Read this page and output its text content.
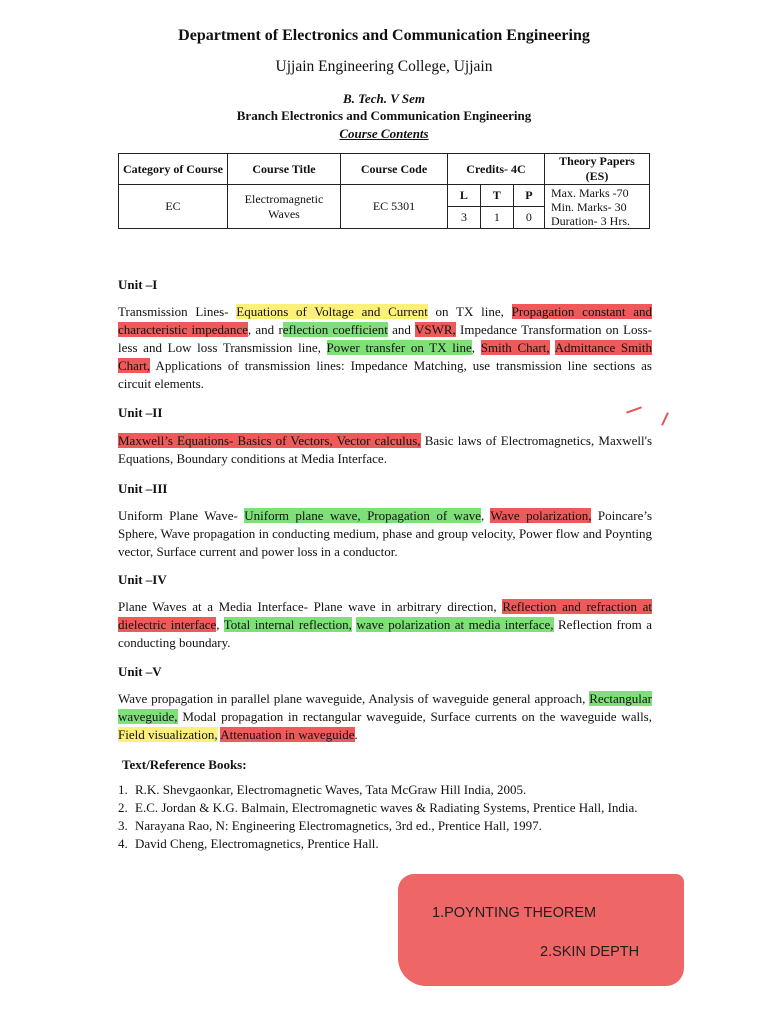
Department of Electronics and Communication Engineering
Ujjain Engineering College, Ujjain
B. Tech. V Sem
Branch Electronics and Communication Engineering
Course Contents
Category of Course	Course Title	Course Code	Credits- 4C			Theory Papers (ES)
EC	Electromagnetic Waves	EC 5301	L	T	P	Max. Marks -70
Min. Marks- 30
Duration- 3 Hrs.

			3	1	0	
Unit –I
Transmission Lines- Equations of Voltage and Current on TX line, Propagation constant and characteristic impedance, and reflection coefficient and VSWR, Impedance Transformation on Loss-less and Low loss Transmission line, Power transfer on TX line, Smith Chart, Admittance Smith Chart, Applications of transmission lines: Impedance Matching, use transmission line sections as circuit elements.
Unit –II
Maxwell’s Equations- Basics of Vectors, Vector calculus, Basic laws of Electromagnetics, Maxwell's Equations, Boundary conditions at Media Interface.
Unit –III
Uniform Plane Wave- Uniform plane wave, Propagation of wave, Wave polarization, Poincare’s Sphere, Wave propagation in conducting medium, phase and group velocity, Power flow and Poynting vector, Surface current and power loss in a conductor.
Unit –IV
Plane Waves at a Media Interface- Plane wave in arbitrary direction, Reflection and refraction at dielectric interface, Total internal reflection, wave polarization at media interface, Reflection from a conducting boundary.
Unit –V
Wave propagation in parallel plane waveguide, Analysis of waveguide general approach, Rectangular waveguide, Modal propagation in rectangular waveguide, Surface currents on the waveguide walls, Field visualization, Attenuation in waveguide.
Text/Reference Books:
1. R.K. Shevgaonkar, Electromagnetic Waves, Tata McGraw Hill India, 2005.
2. E.C. Jordan & K.G. Balmain, Electromagnetic waves & Radiating Systems, Prentice Hall, India.
3. Narayana Rao, N: Engineering Electromagnetics, 3rd ed., Prentice Hall, 1997.
4. David Cheng, Electromagnetics, Prentice Hall.
1.POYNTING THEOREM
2.SKIN DEPTH
